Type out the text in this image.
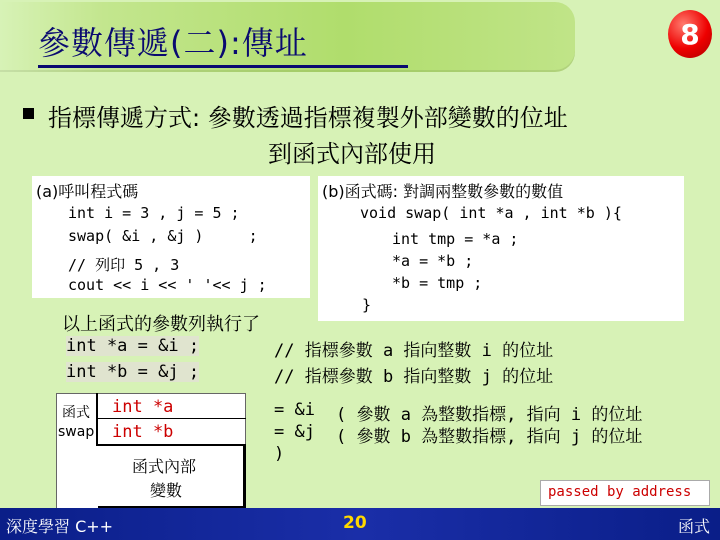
參數傳遞(二):傳址	8
指標傳遞方式: 參數透過指標複製外部變數的位址
到函式內部使用
(a)呼叫程式碼
int i = 3 , j = 5 ;
swap( &i , &j )     ;
// 列印 5 , 3
cout << i << ' '<< j ;
(b)函式碼: 對調兩整數參數的數值
void swap( int *a , int *b ){
int tmp = *a ;
*a = *b ;
*b = tmp ;
}
以上函式的參數列執行了
int *a = &i ;	// 指標參數 a 指向整數 i 的位址
int *b = &j ;	// 指標參數 b 指向整數 j 的位址
函式
swap
int *a
int *b
函式內部
變數
= &i ( 參數 a 為整數指標, 指向 i 的位址
= &j ( 參數 b 為整數指標, 指向 j 的位址
)
passed by address
深度學習 C++	20	函式
